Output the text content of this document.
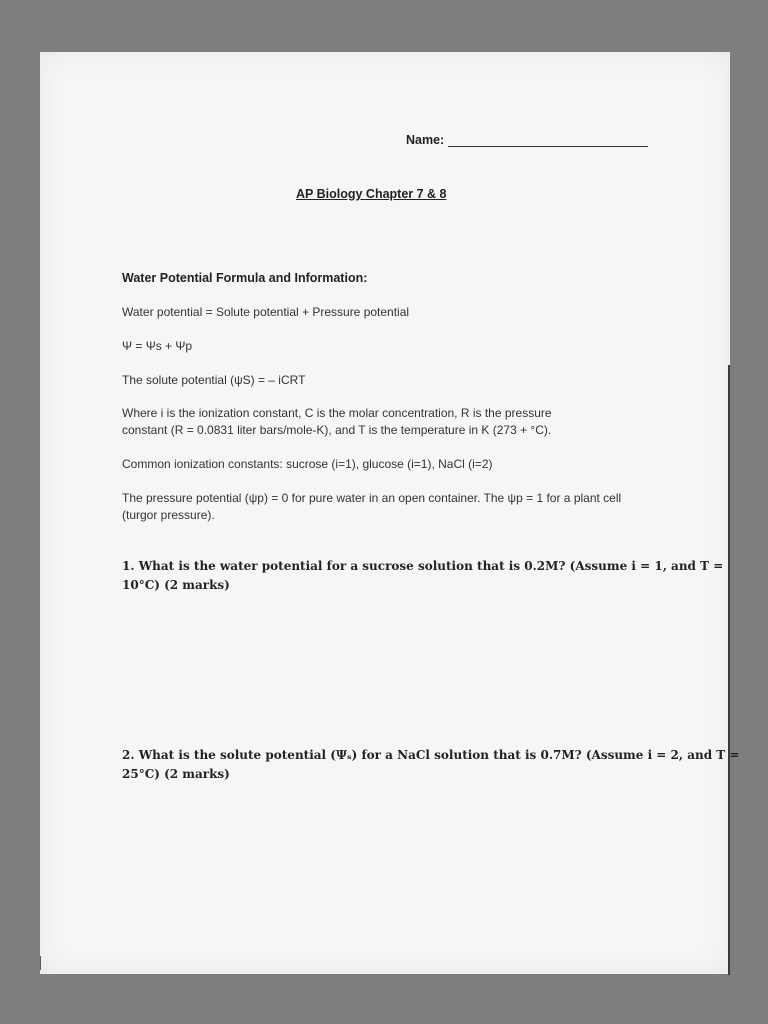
Name:
AP Biology Chapter 7 & 8
Water Potential Formula and Information:
Water potential = Solute potential + Pressure potential
Ψ = Ψs + Ψp
The solute potential (ψS) = – iCRT
Where i is the ionization constant, C is the molar concentration, R is the pressure
constant (R = 0.0831 liter bars/mole-K), and T is the temperature in K (273 + °C).
Common ionization constants: sucrose (i=1), glucose (i=1), NaCl (i=2)
The pressure potential (ψp) = 0 for pure water in an open container. The ψp = 1 for a plant cell
(turgor pressure).
1. What is the water potential for a sucrose solution that is 0.2M? (Assume i = 1, and T =
10°C) (2 marks)
2. What is the solute potential (Ψₛ) for a NaCl solution that is 0.7M? (Assume i = 2, and T =
25°C) (2 marks)
